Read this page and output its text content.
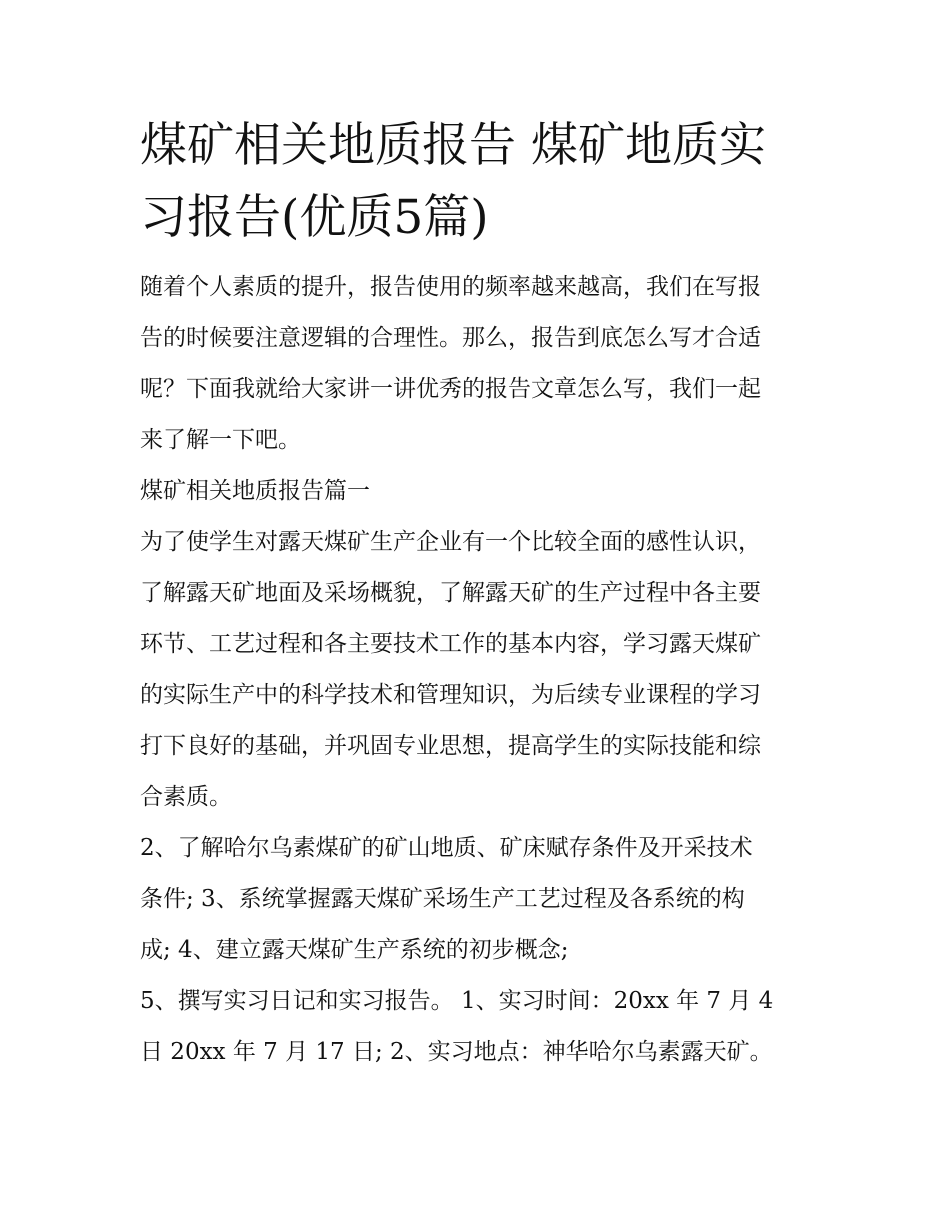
煤矿相关地质报告 煤矿地质实
习报告(优质5篇)

随着个人素质的提升，报告使用的频率越来越高，我们在写报
告的时候要注意逻辑的合理性。那么，报告到底怎么写才合适
呢？下面我就给大家讲一讲优秀的报告文章怎么写，我们一起
来了解一下吧。

煤矿相关地质报告篇一

为了使学生对露天煤矿生产企业有一个比较全面的感性认识，
了解露天矿地面及采场概貌，了解露天矿的生产过程中各主要
环节、工艺过程和各主要技术工作的基本内容，学习露天煤矿
的实际生产中的科学技术和管理知识，为后续专业课程的学习
打下良好的基础，并巩固专业思想，提高学生的实际技能和综
合素质。

2、了解哈尔乌素煤矿的矿山地质、矿床赋存条件及开采技术
条件; 3、系统掌握露天煤矿采场生产工艺过程及各系统的构
成; 4、建立露天煤矿生产系统的初步概念;

5、撰写实习日记和实习报告。 1、实习时间：20xx 年 7 月 4
日 20xx 年 7 月 17 日; 2、实习地点：神华哈尔乌素露天矿。
